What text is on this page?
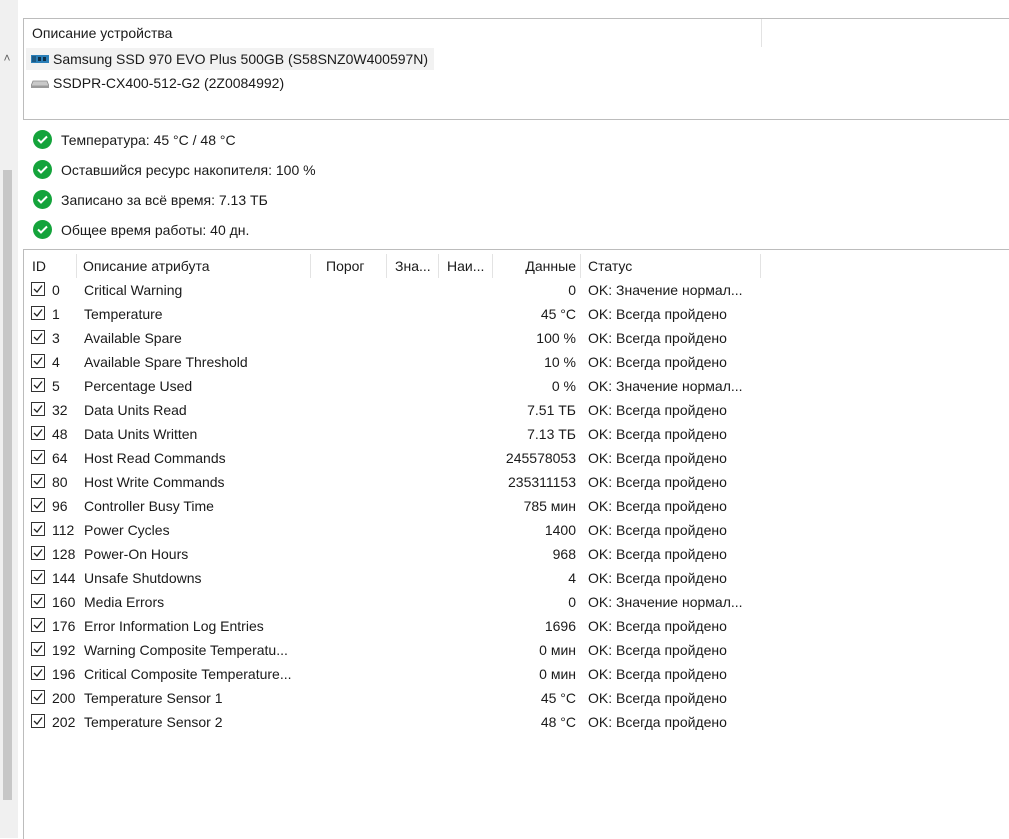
˄
Описание устройства
Samsung SSD 970 EVO Plus 500GB (S58SNZ0W400597N)
SSDPR-CX400-512-G2 (2Z0084992)
Температура: 45 °C / 48 °C
Оставшийся ресурс накопителя: 100 %
Записано за всё время: 7.13 ТБ
Общее время работы: 40 дн.
ID	Описание атрибута	Порог	Зна...	Наи...	Данные Статус
0 Critical Warning	0 OK: Значение нормал...
1 Temperature	45 °C OK: Всегда пройдено
3 Available Spare	100 % OK: Всегда пройдено
4 Available Spare Threshold	10 % OK: Всегда пройдено
5 Percentage Used	0 % OK: Значение нормал...
32 Data Units Read	7.51 ТБ OK: Всегда пройдено
48 Data Units Written	7.13 ТБ OK: Всегда пройдено
64 Host Read Commands	245578053 OK: Всегда пройдено
80 Host Write Commands	235311153 OK: Всегда пройдено
96 Controller Busy Time	785 мин OK: Всегда пройдено
112 Power Cycles	1400 OK: Всегда пройдено
128 Power-On Hours	968 OK: Всегда пройдено
144 Unsafe Shutdowns	4 OK: Всегда пройдено
160 Media Errors	0 OK: Значение нормал...
176 Error Information Log Entries	1696 OK: Всегда пройдено
192 Warning Composite Temperatu...	0 мин OK: Всегда пройдено
196 Critical Composite Temperature...	0 мин OK: Всегда пройдено
200 Temperature Sensor 1	45 °C OK: Всегда пройдено
202 Temperature Sensor 2	48 °C OK: Всегда пройдено
